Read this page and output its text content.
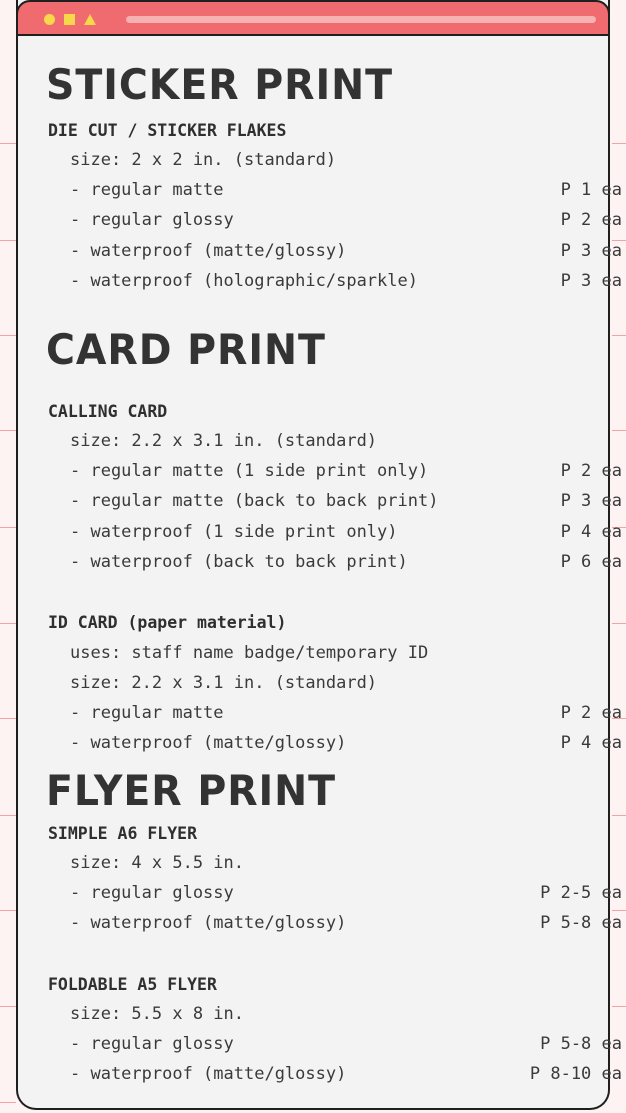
STICKER PRINT
DIE CUT / STICKER FLAKES
size: 2 x 2 in. (standard)
- regular matte	P 1 ea
- regular glossy	P 2 ea
- waterproof (matte/glossy)	P 3 ea
- waterproof (holographic/sparkle)	P 3 ea
CARD PRINT
CALLING CARD
size: 2.2 x 3.1 in. (standard)
- regular matte (1 side print only)	P 2 ea
- regular matte (back to back print)	P 3 ea
- waterproof (1 side print only)	P 4 ea
- waterproof (back to back print)	P 6 ea
ID CARD (paper material)
uses: staff name badge/temporary ID
size: 2.2 x 3.1 in. (standard)
- regular matte	P 2 ea
- waterproof (matte/glossy)	P 4 ea
FLYER PRINT
SIMPLE A6 FLYER
size: 4 x 5.5 in.
- regular glossy	P 2-5 ea
- waterproof (matte/glossy)	P 5-8 ea
FOLDABLE A5 FLYER
size: 5.5 x 8 in.
- regular glossy	P 5-8 ea
- waterproof (matte/glossy)	P 8-10 ea
